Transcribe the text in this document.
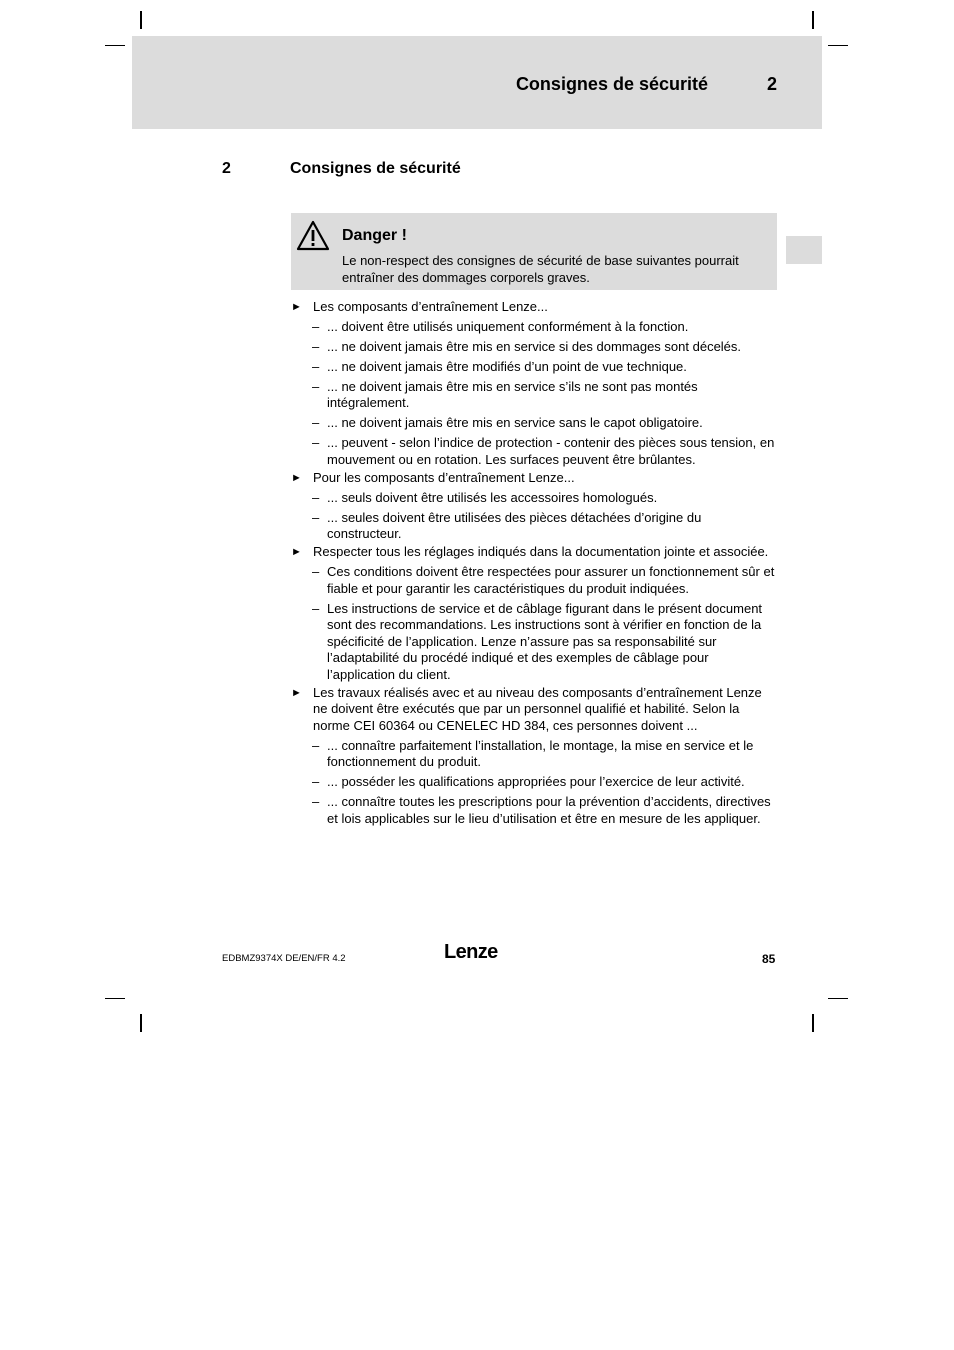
Consignes de sécurité	2
2	Consignes de sécurité
Danger !
Le non-respect des consignes de sécurité de base suivantes pourrait entraîner des dommages corporels graves.
► Les composants d’entraînement Lenze...
– ... doivent être utilisés uniquement conformément à la fonction.
– ... ne doivent jamais être mis en service si des dommages sont décelés.
– ... ne doivent jamais être modifiés d’un point de vue technique.
– ... ne doivent jamais être mis en service s’ils ne sont pas montés intégralement.
– ... ne doivent jamais être mis en service sans le capot obligatoire.
– ... peuvent - selon l’indice de protection - contenir des pièces sous tension, en mouvement ou en rotation. Les surfaces peuvent être brûlantes.
► Pour les composants d’entraînement Lenze...
– ... seuls doivent être utilisés les accessoires homologués.
– ... seules doivent être utilisées des pièces détachées d’origine du constructeur.
► Respecter tous les réglages indiqués dans la documentation jointe et associée.
– Ces conditions doivent être respectées pour assurer un fonctionnement sûr et fiable et pour garantir les caractéristiques du produit indiquées.
– Les instructions de service et de câblage figurant dans le présent document sont des recommandations. Les instructions sont à vérifier en fonction de la spécificité de l’application. Lenze n’assure pas sa responsabilité sur l’adaptabilité du procédé indiqué et des exemples de câblage pour l’application du client.
► Les travaux réalisés avec et au niveau des composants d’entraînement Lenze ne doivent être exécutés que par un personnel qualifié et habilité. Selon la norme CEI 60364 ou CENELEC HD 384, ces personnes doivent ...
– ... connaître parfaitement l’installation, le montage, la mise en service et le fonctionnement du produit.
– ... posséder les qualifications appropriées pour l’exercice de leur activité.
– ... connaître toutes les prescriptions pour la prévention d’accidents, directives et lois applicables sur le lieu d’utilisation et être en mesure de les appliquer.
EDBMZ9374X DE/EN/FR 4.2	Lenze	85
